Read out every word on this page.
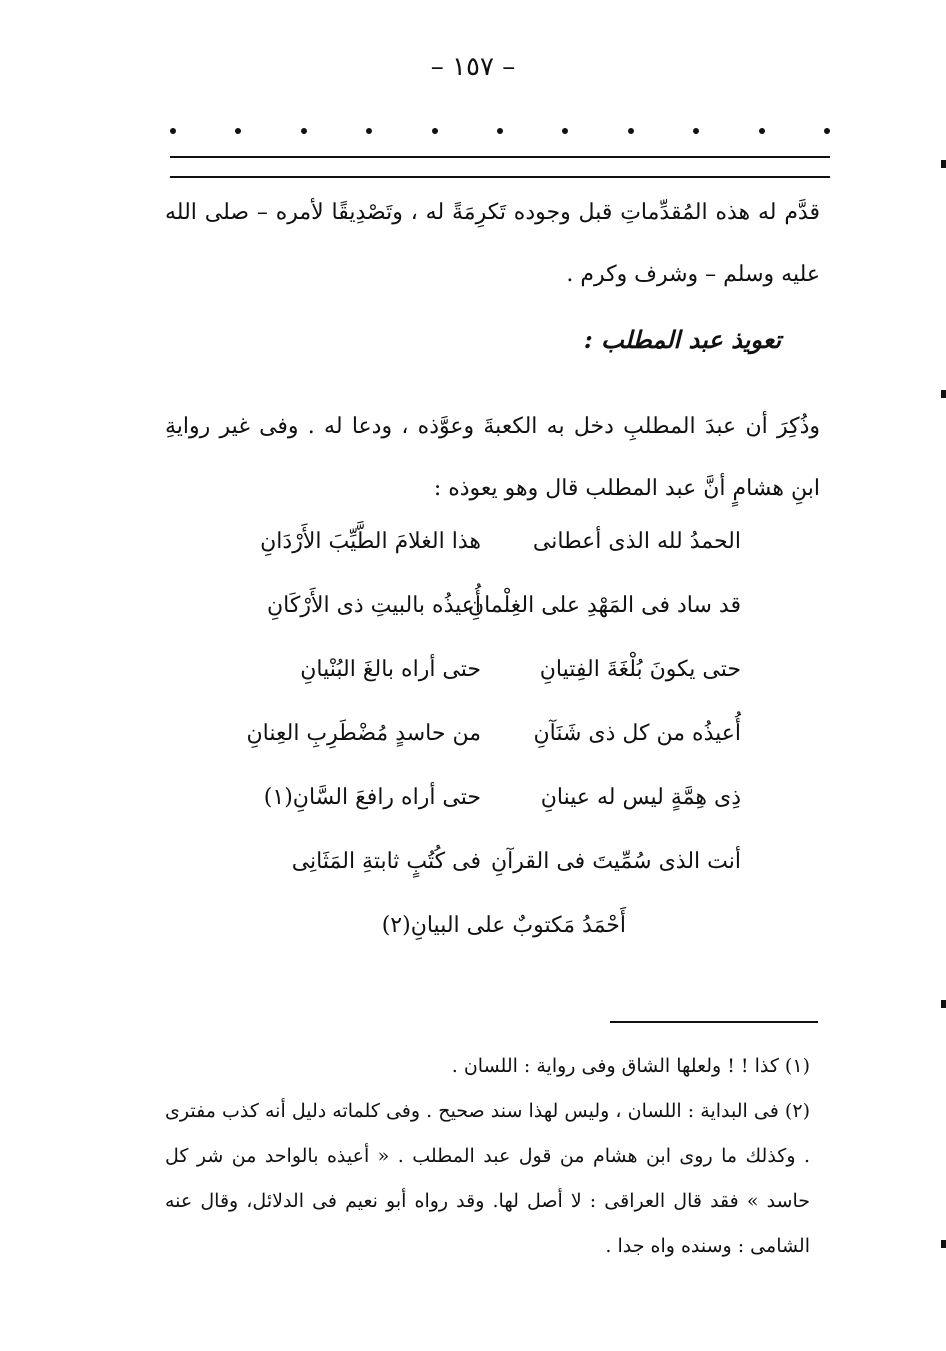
– ١٥٧ –

قدَّم له هذه المُقدِّماتِ قبل وجوده تَكرِمَةً له ، وتَصْدِيقًا لأمره – صلى الله عليه وسلم – وشرف وكرم .

تعويذ عبد المطلب :

وذُكِرَ أن عبدَ المطلبِ دخل به الكعبةَ وعوَّذه ، ودعا له . وفى غير روايةِ ابنِ هشامٍ أنَّ عبد المطلب قال وهو يعوذه :

الحمدُ لله الذى أعطانى
هذا الغلامَ الطَّيِّبَ الأَرْدَانِ
قد ساد فى المَهْدِ على الغِلْمانِ
أُعيذُه بالبيتِ ذى الأَرْكَانِ
حتى يكونَ بُلْغَةَ الفِتيانِ
حتى أراه بالغَ البُنْيانِ
أُعيذُه من كل ذى شَنَآنِ
من حاسدٍ مُضْطَرِبِ العِنانِ
ذِى هِمَّةٍ ليس له عينانِ
حتى أراه رافعَ السَّانِ(١)
أنت الذى سُمِّيتَ فى القرآنِ
فى كُتُبٍ ثابتةِ المَثَانِى
أَحْمَدُ مَكتوبٌ على البيانِ(٢)

(١) كذا ! ! ولعلها الشاق وفى رواية : اللسان .

(٢) فى البداية : اللسان ، وليس لهذا سند صحيح . وفى كلماته دليل أنه كذب مفترى . وكذلك ما روى ابن هشام من قول عبد المطلب . « أعيذه بالواحد من شر كل حاسد » فقد قال العراقى : لا أصل لها. وقد رواه أبو نعيم فى الدلائل، وقال عنه الشامى : وسنده واه جدا .
